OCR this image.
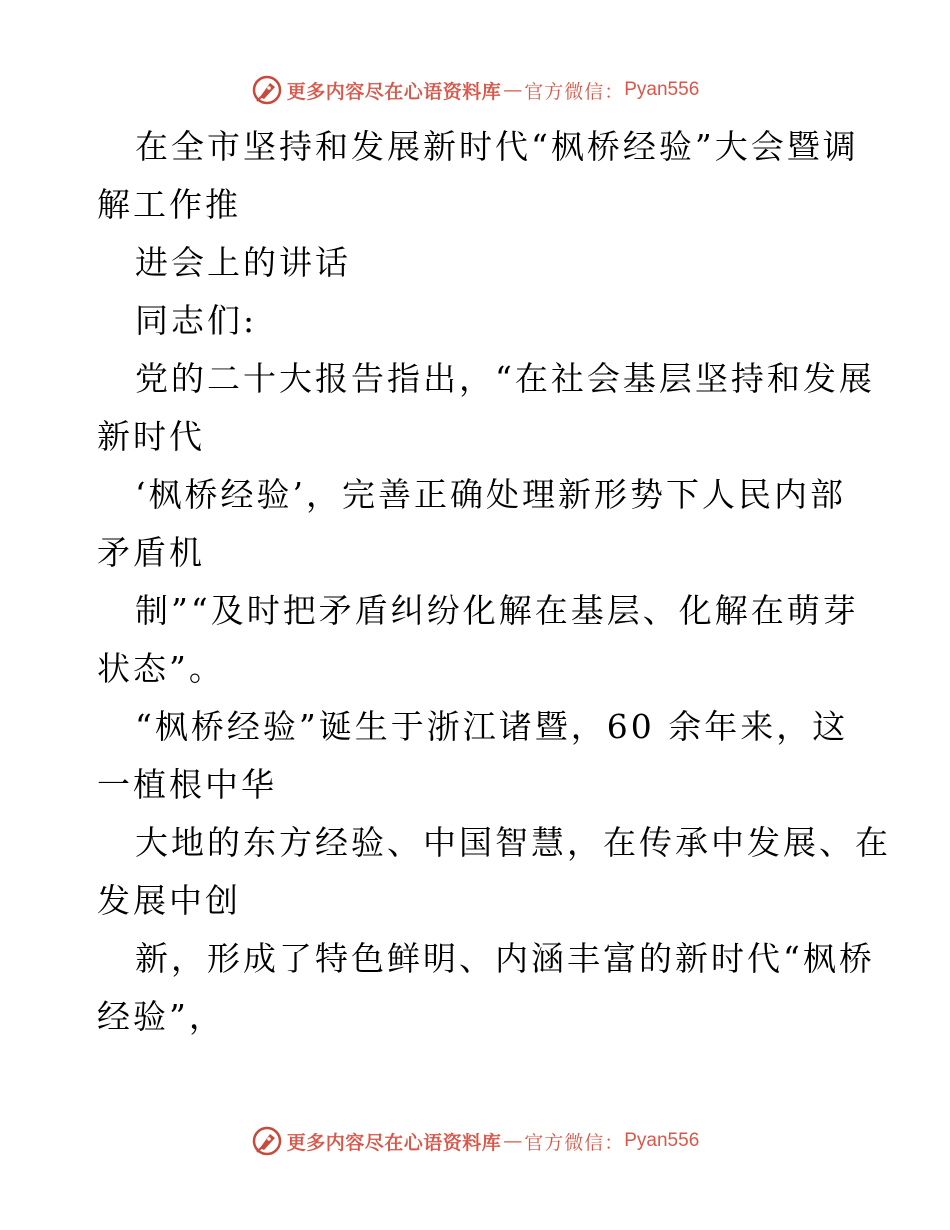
更多内容尽在心语资料库 — 官方微信： Pyan556
在全市坚持和发展新时代“枫桥经验”大会暨调
解工作推
进会上的讲话
同志们:
党的二十大报告指出，“在社会基层坚持和发展
新时代
‘枫桥经验’，完善正确处理新形势下人民内部
矛盾机
制”“及时把矛盾纠纷化解在基层、化解在萌芽
状态”。
“枫桥经验”诞生于浙江诸暨，60 余年来，这
一植根中华
大地的东方经验、中国智慧，在传承中发展、在
发展中创
新，形成了特色鲜明、内涵丰富的新时代“枫桥
经验”，
更多内容尽在心语资料库 — 官方微信： Pyan556
